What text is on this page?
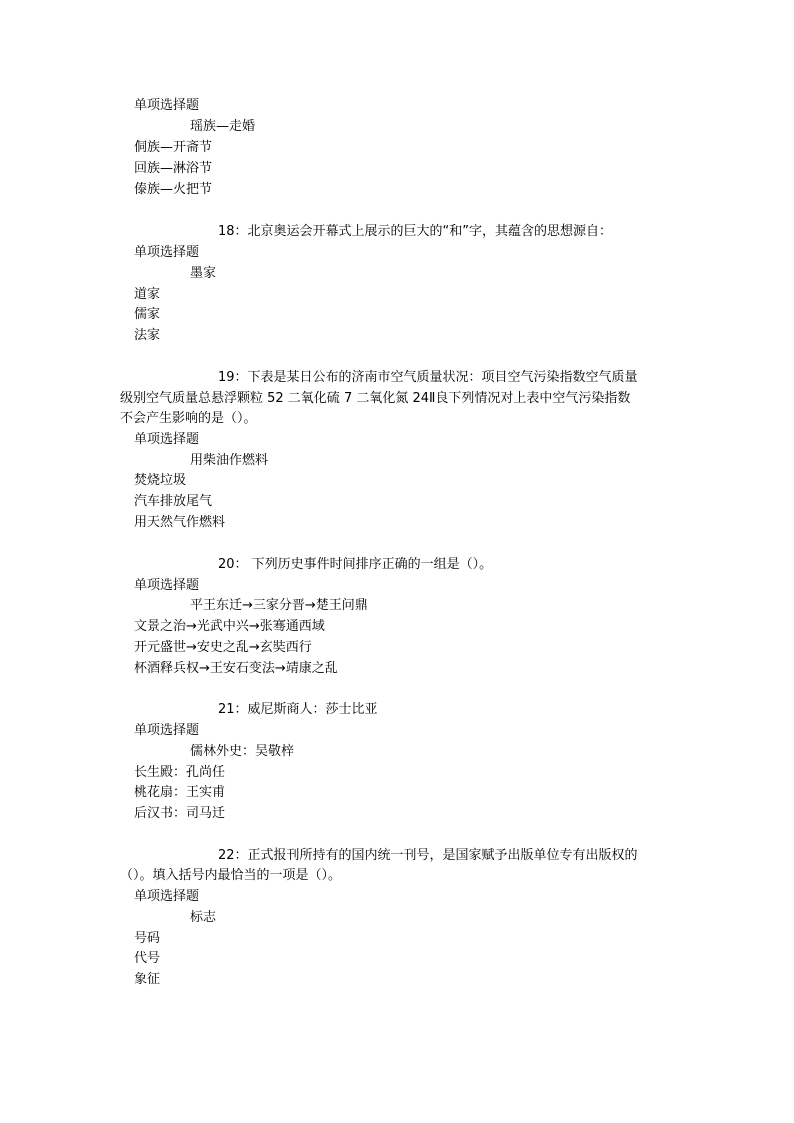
单项选择题
瑶族—走婚
侗族—开斋节
回族—淋浴节
傣族—火把节
18：北京奥运会开幕式上展示的巨大的“和”字，其蕴含的思想源自：
单项选择题
墨家
道家
儒家
法家
19：下表是某日公布的济南市空气质量状况：项目空气污染指数空气质量
级别空气质量总悬浮颗粒 52 二氧化硫 7 二氧化氮 24Ⅱ良下列情况对上表中空气污染指数
不会产生影响的是（）。
单项选择题
用柴油作燃料
焚烧垃圾
汽车排放尾气
用天然气作燃料
20： 下列历史事件时间排序正确的一组是（）。
单项选择题
平王东迁→三家分晋→楚王问鼎
文景之治→光武中兴→张骞通西域
开元盛世→安史之乱→玄奘西行
杯酒释兵权→王安石变法→靖康之乱
21：威尼斯商人：莎士比亚
单项选择题
儒林外史：吴敬梓
长生殿：孔尚任
桃花扇：王实甫
后汉书：司马迁
22：正式报刊所持有的国内统一刊号，是国家赋予出版单位专有出版权的
（）。填入括号内最恰当的一项是（）。
单项选择题
标志
号码
代号
象征
